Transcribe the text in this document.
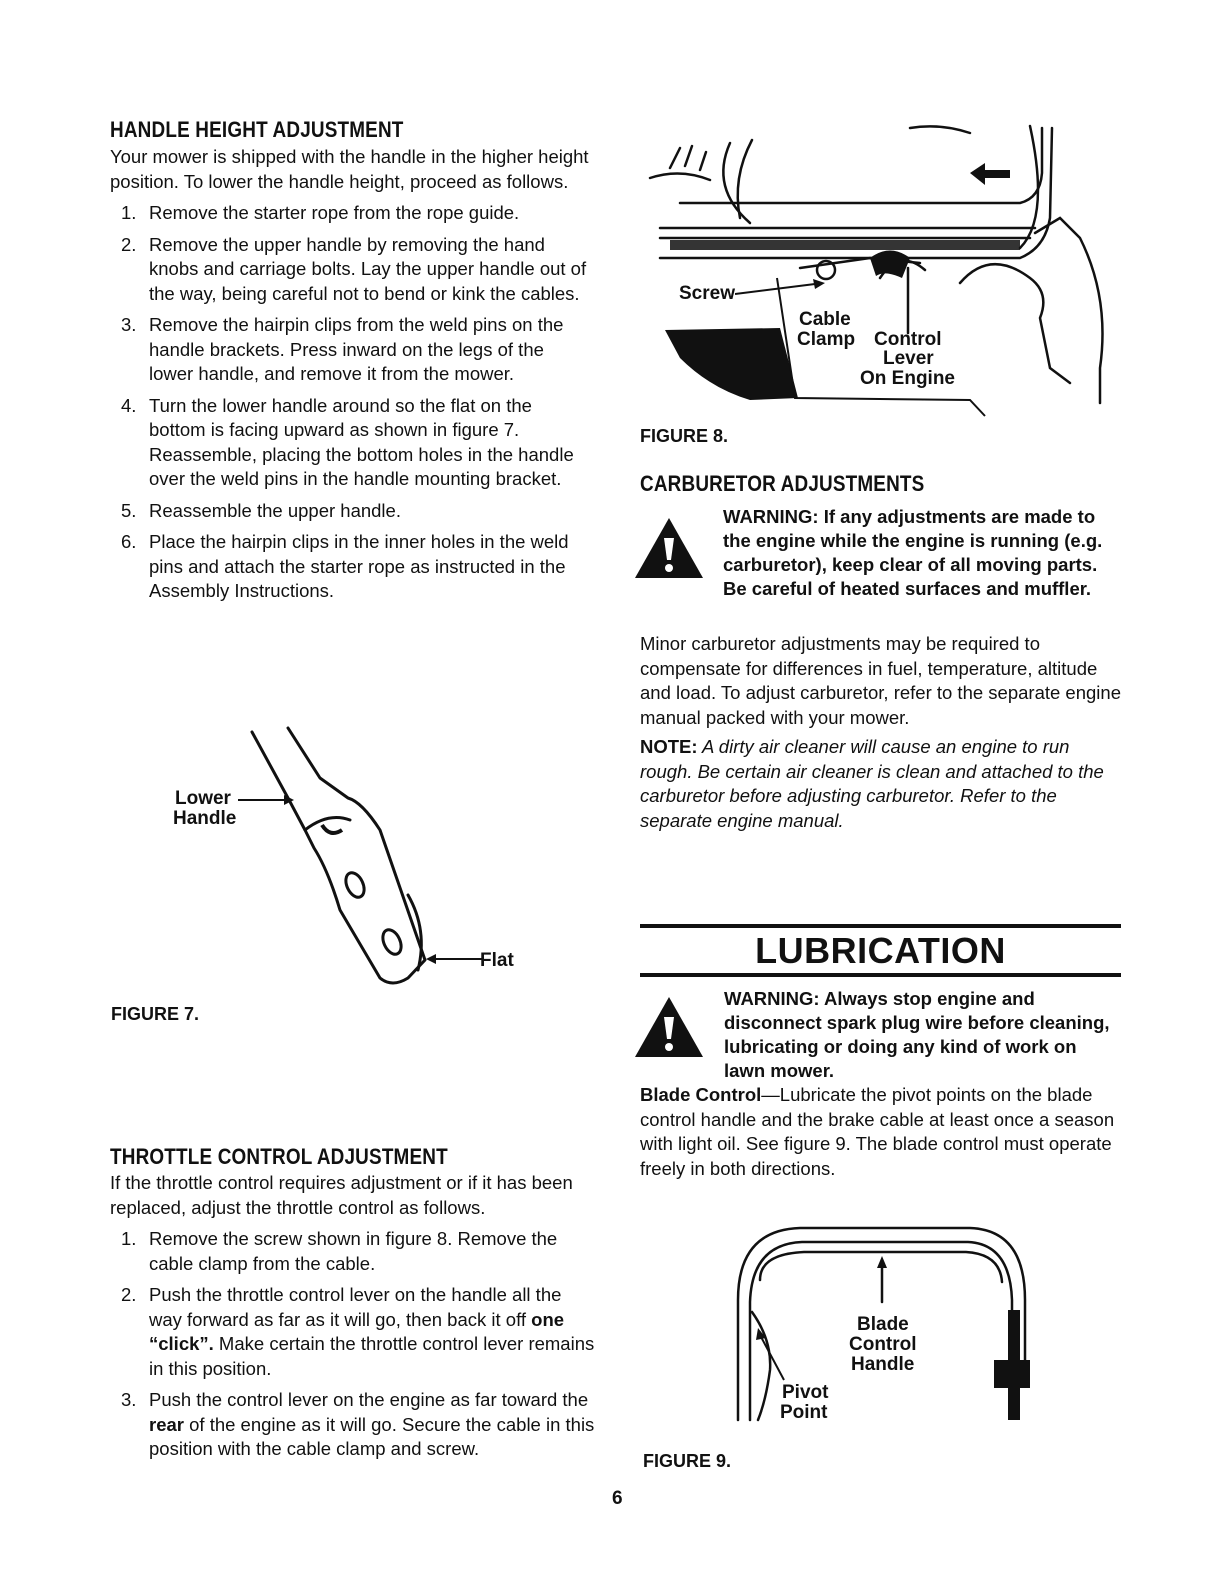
HANDLE HEIGHT ADJUSTMENT

Your mower is shipped with the handle in the higher height position. To lower the handle height, proceed as follows.

1. Remove the starter rope from the rope guide.
2. Remove the upper handle by removing the hand knobs and carriage bolts. Lay the upper handle out of the way, being careful not to bend or kink the cables.
3. Remove the hairpin clips from the weld pins on the handle brackets. Press inward on the legs of the lower handle, and remove it from the mower.
4. Turn the lower handle around so the flat on the bottom is facing upward as shown in figure 7. Reassemble, placing the bottom holes in the handle over the weld pins in the handle mounting bracket.
5. Reassemble the upper handle.
6. Place the hairpin clips in the inner holes in the weld pins and attach the starter rope as instructed in the Assembly Instructions.
Lower
Handle
Flat
FIGURE 7.
THROTTLE CONTROL ADJUSTMENT

If the throttle control requires adjustment or if it has been replaced, adjust the throttle control as follows.

1. Remove the screw shown in figure 8. Remove the cable clamp from the cable.
2. Push the throttle control lever on the handle all the way forward as far as it will go, then back it off one “click”. Make certain the throttle control lever remains in this position.
3. Push the control lever on the engine as far toward the rear of the engine as it will go. Secure the cable in this position with the cable clamp and screw.
Screw
Cable
Clamp Control
Lever
On Engine
FIGURE 8.
CARBURETOR ADJUSTMENTS
WARNING: If any adjustments are made to the engine while the engine is running (e.g. carburetor), keep clear of all moving parts. Be careful of heated surfaces and muffler.

Minor carburetor adjustments may be required to compensate for differences in fuel, temperature, altitude and load. To adjust carburetor, refer to the separate engine manual packed with your mower.

NOTE: A dirty air cleaner will cause an engine to run rough. Be certain air cleaner is clean and attached to the carburetor before adjusting carburetor. Refer to the separate engine manual.

LUBRICATION
WARNING: Always stop engine and disconnect spark plug wire before cleaning, lubricating or doing any kind of work on lawn mower.

Blade Control—Lubricate the pivot points on the blade control handle and the brake cable at least once a season with light oil. See figure 9. The blade control must operate freely in both directions.

Blade
Control
Handle
Pivot
Point
FIGURE 9.
6
